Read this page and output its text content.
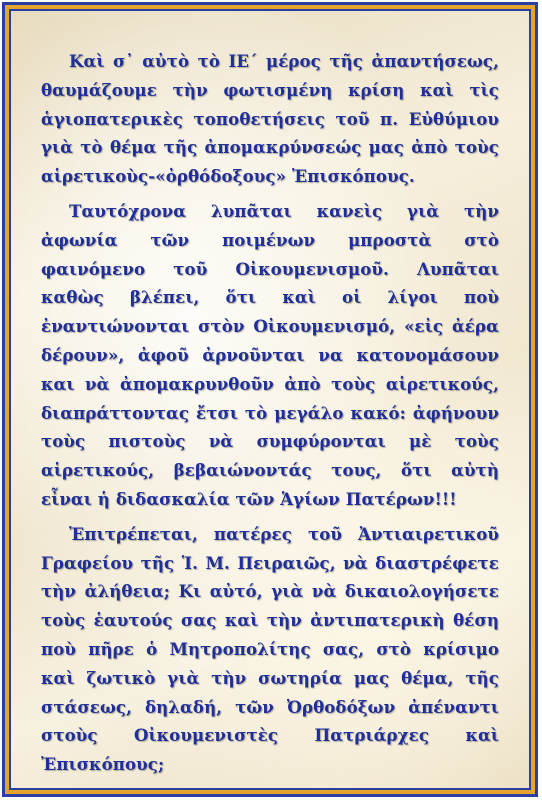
Καὶ σ᾽ αὐτὸ τὸ ΙΕ΄ μέρος τῆς ἀπαντήσεως, θαυμάζουμε τὴν φωτισμένη κρίση καὶ τὶς ἁγιοπατερικὲς τοποθετήσεις τοῦ π. Εὐθύμιου γιὰ τὸ θέμα τῆς ἀπομακρύνσεώς μας ἀπὸ τοὺς αἱρετικοὺς-«ὀρθόδοξους» Ἐπισκόπους.

Ταυτόχρονα λυπᾶται κανεὶς γιὰ τὴν ἀφωνία τῶν ποιμένων μπροστὰ στὸ φαινόμενο τοῦ Οἰκουμενισμοῦ. Λυπᾶται καθὼς βλέπει, ὅτι καὶ οἱ λίγοι ποὺ ἐναντιώνονται στὸν Οἰκουμενισμό, «εἰς ἀέρα δέρουν», ἀφοῦ ἀρνοῦνται να κατονομάσουν και νὰ ἀπομακρυνθοῦν ἀπὸ τοὺς αἱρετικούς, διαπράττοντας ἔτσι τὸ μεγάλο κακό: ἀφήνουν τοὺς πιστοὺς νὰ συμφύρονται μὲ τοὺς αἱρετικούς, βεβαιώνοντάς τους, ὅτι αὐτὴ εἶναι ἡ διδασκαλία τῶν Ἁγίων Πατέρων!!!

Ἐπιτρέπεται, πατέρες τοῦ Ἀντιαιρετικοῦ Γραφείου τῆς Ἱ. Μ. Πειραιῶς, νὰ διαστρέφετε τὴν ἀλήθεια; Κι αὐτό, γιὰ νὰ δικαιολογήσετε τοὺς ἑαυτούς σας καὶ τὴν ἀντιπατερικὴ θέση ποὺ πῆρε ὁ Μητροπολίτης σας, στὸ κρίσιμο καὶ ζωτικὸ γιὰ τὴν σωτηρία μας θέμα, τῆς στάσεως, δηλαδή, τῶν Ὀρθοδόξων ἀπέναντι στοὺς Οἰκουμενιστὲς Πατριάρχες καὶ Ἐπισκόπους;
